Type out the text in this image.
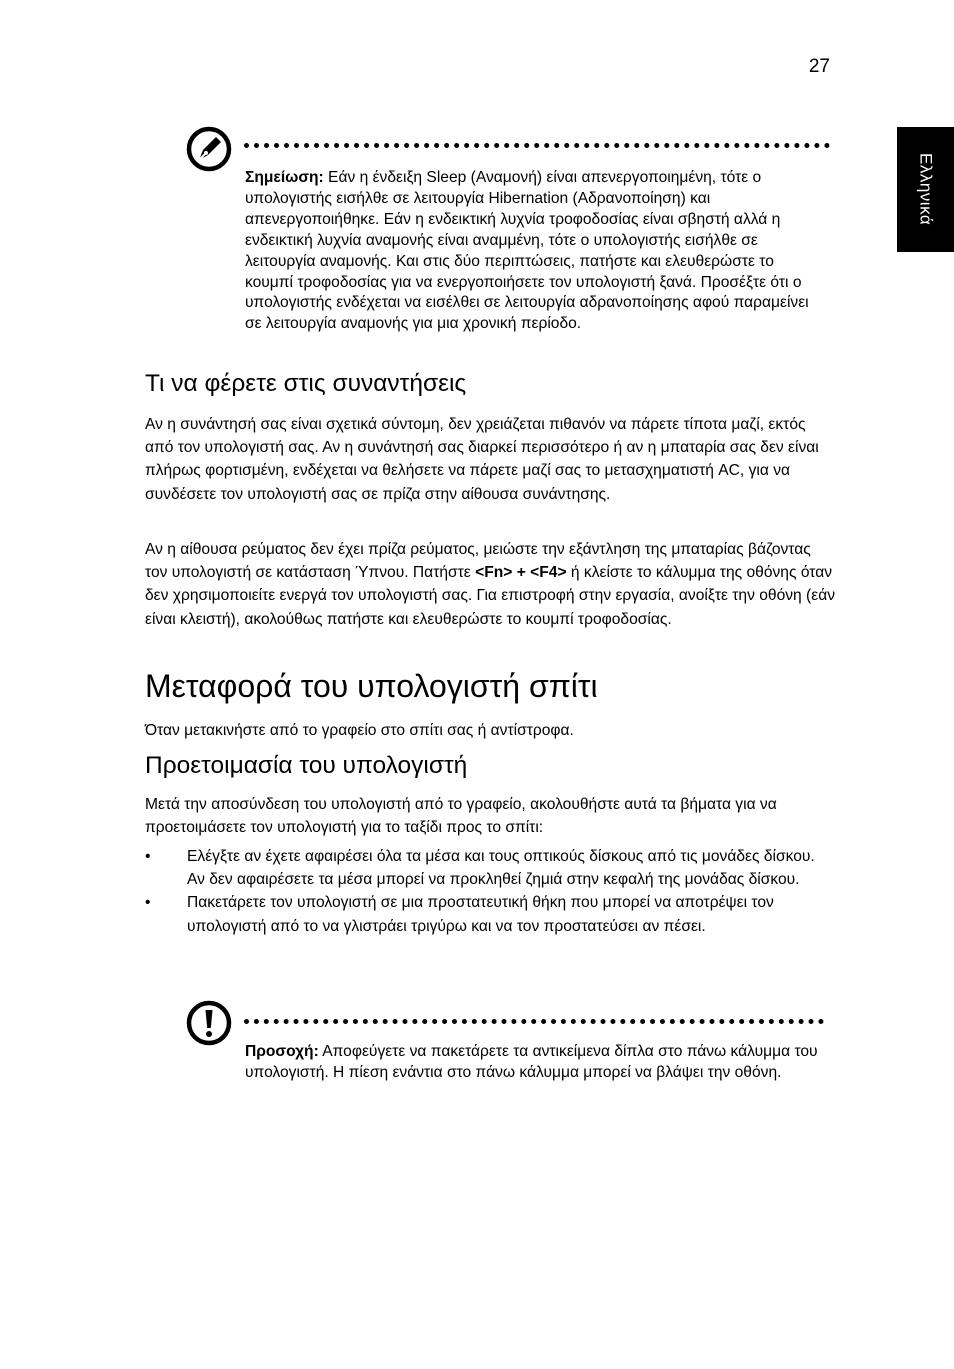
27
Ελληνικά
Σημείωση: Εάν η ένδειξη Sleep (Αναμονή) είναι απενεργοποιημένη, τότε ο υπολογιστής εισήλθε σε λειτουργία Hibernation (Αδρανοποίηση) και απενεργοποιήθηκε. Εάν η ενδεικτική λυχνία τροφοδοσίας είναι σβηστή αλλά η ενδεικτική λυχνία αναμονής είναι αναμμένη, τότε ο υπολογιστής εισήλθε σε λειτουργία αναμονής. Και στις δύο περιπτώσεις, πατήστε και ελευθερώστε το κουμπί τροφοδοσίας για να ενεργοποιήσετε τον υπολογιστή ξανά. Προσέξτε ότι ο υπολογιστής ενδέχεται να εισέλθει σε λειτουργία αδρανοποίησης αφού παραμείνει σε λειτουργία αναμονής για μια χρονική περίοδο.
Τι να φέρετε στις συναντήσεις

Αν η συνάντησή σας είναι σχετικά σύντομη, δεν χρειάζεται πιθανόν να πάρετε τίποτα μαζί, εκτός από τον υπολογιστή σας. Αν η συνάντησή σας διαρκεί περισσότερο ή αν η μπαταρία σας δεν είναι πλήρως φορτισμένη, ενδέχεται να θελήσετε να πάρετε μαζί σας το μετασχηματιστή AC, για να συνδέσετε τον υπολογιστή σας σε πρίζα στην αίθουσα συνάντησης.

Αν η αίθουσα ρεύματος δεν έχει πρίζα ρεύματος, μειώστε την εξάντληση της μπαταρίας βάζοντας τον υπολογιστή σε κατάσταση Ύπνου. Πατήστε <Fn> + <F4> ή κλείστε το κάλυμμα της οθόνης όταν δεν χρησιμοποιείτε ενεργά τον υπολογιστή σας. Για επιστροφή στην εργασία, ανοίξτε την οθόνη (εάν είναι κλειστή), ακολούθως πατήστε και ελευθερώστε το κουμπί τροφοδοσίας.

Μεταφορά του υπολογιστή σπίτι

Όταν μετακινήστε από το γραφείο στο σπίτι σας ή αντίστροφα.

Προετοιμασία του υπολογιστή

Μετά την αποσύνδεση του υπολογιστή από το γραφείο, ακολουθήστε αυτά τα βήματα για να προετοιμάσετε τον υπολογιστή για το ταξίδι προς το σπίτι:

•	Ελέγξτε αν έχετε αφαιρέσει όλα τα μέσα και τους οπτικούς δίσκους από τις μονάδες δίσκου. Αν δεν αφαιρέσετε τα μέσα μπορεί να προκληθεί ζημιά στην κεφαλή της μονάδας δίσκου.
•	Πακετάρετε τον υπολογιστή σε μια προστατευτική θήκη που μπορεί να αποτρέψει τον υπολογιστή από το να γλιστράει τριγύρω και να τον προστατεύσει αν πέσει.
Προσοχή: Αποφεύγετε να πακετάρετε τα αντικείμενα δίπλα στο πάνω κάλυμμα του υπολογιστή. Η πίεση ενάντια στο πάνω κάλυμμα μπορεί να βλάψει την οθόνη.
